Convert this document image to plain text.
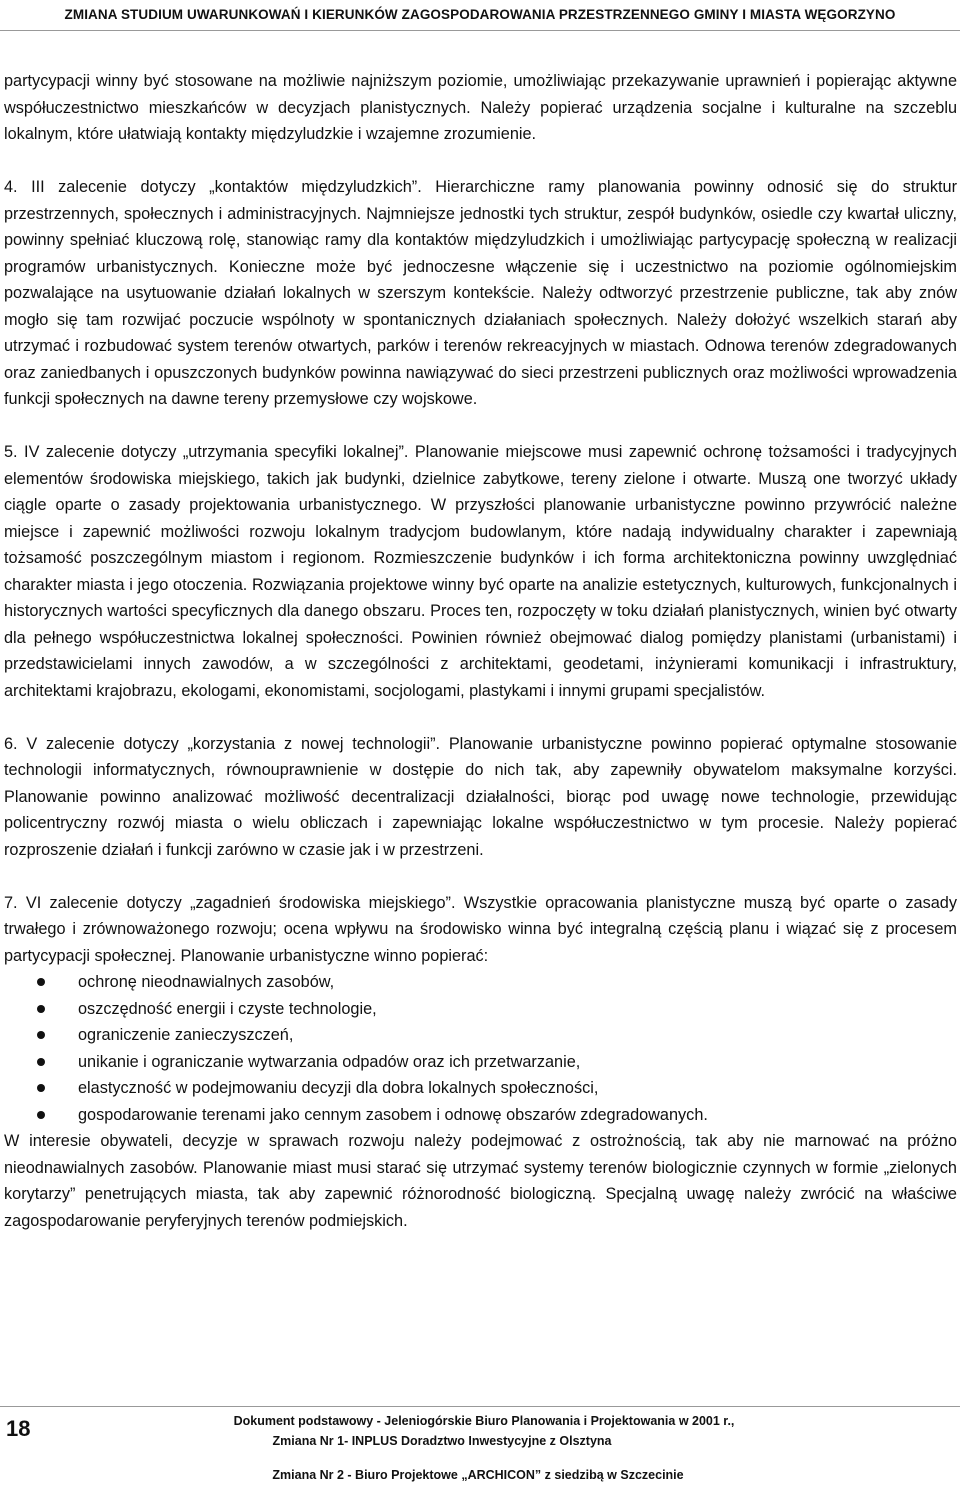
ZMIANA STUDIUM UWARUNKOWAŃ I KIERUNKÓW ZAGOSPODAROWANIA PRZESTRZENNEGO GMINY I MIASTA WĘGORZYNO

partycypacji winny być stosowane na możliwie najniższym poziomie, umożliwiając przekazywanie uprawnień i popierając aktywne współuczestnictwo mieszkańców w decyzjach planistycznych. Należy popierać urządzenia socjalne i kulturalne na szczeblu lokalnym, które ułatwiają kontakty międzyludzkie i wzajemne zrozumienie.

4. III zalecenie dotyczy „kontaktów międzyludzkich”. Hierarchiczne ramy planowania powinny odnosić się do struktur przestrzennych, społecznych i administracyjnych. Najmniejsze jednostki tych struktur, zespół budynków, osiedle czy kwartał uliczny, powinny spełniać kluczową rolę, stanowiąc ramy dla kontaktów międzyludzkich i umożliwiając partycypację społeczną w realizacji programów urbanistycznych. Konieczne może być jednoczesne włączenie się i uczestnictwo na poziomie ogólnomiejskim pozwalające na usytuowanie działań lokalnych w szerszym kontekście. Należy odtworzyć przestrzenie publiczne, tak aby znów mogło się tam rozwijać poczucie wspólnoty w spontanicznych działaniach społecznych. Należy dołożyć wszelkich starań aby utrzymać i rozbudować system terenów otwartych, parków i terenów rekreacyjnych w miastach. Odnowa terenów zdegradowanych oraz zaniedbanych i opuszczonych budynków powinna nawiązywać do sieci przestrzeni publicznych oraz możliwości wprowadzenia funkcji społecznych na dawne tereny przemysłowe czy wojskowe.

5. IV zalecenie dotyczy „utrzymania specyfiki lokalnej”. Planowanie miejscowe musi zapewnić ochronę tożsamości i tradycyjnych elementów środowiska miejskiego, takich jak budynki, dzielnice zabytkowe, tereny zielone i otwarte. Muszą one tworzyć układy ciągle oparte o zasady projektowania urbanistycznego. W przyszłości planowanie urbanistyczne powinno przywrócić należne miejsce i zapewnić możliwości rozwoju lokalnym tradycjom budowlanym, które nadają indywidualny charakter i zapewniają tożsamość poszczególnym miastom i regionom. Rozmieszczenie budynków i ich forma architektoniczna powinny uwzględniać charakter miasta i jego otoczenia. Rozwiązania projektowe winny być oparte na analizie estetycznych, kulturowych, funkcjonalnych i historycznych wartości specyficznych dla danego obszaru. Proces ten, rozpoczęty w toku działań planistycznych, winien być otwarty dla pełnego współuczestnictwa lokalnej społeczności. Powinien również obejmować dialog pomiędzy planistami (urbanistami) i przedstawicielami innych zawodów, a w szczególności z architektami, geodetami, inżynierami komunikacji i infrastruktury, architektami krajobrazu, ekologami, ekonomistami, socjologami, plastykami i innymi grupami specjalistów.

6. V zalecenie dotyczy „korzystania z nowej technologii”. Planowanie urbanistyczne powinno popierać optymalne stosowanie technologii informatycznych, równouprawnienie w dostępie do nich tak, aby zapewniły obywatelom maksymalne korzyści. Planowanie powinno analizować możliwość decentralizacji działalności, biorąc pod uwagę nowe technologie, przewidując policentryczny rozwój miasta o wielu obliczach i zapewniając lokalne współuczestnictwo w tym procesie. Należy popierać rozproszenie działań i funkcji zarówno w czasie jak i w przestrzeni.

7. VI zalecenie dotyczy „zagadnień środowiska miejskiego”. Wszystkie opracowania planistyczne muszą być oparte o zasady trwałego i zrównoważonego rozwoju; ocena wpływu na środowisko winna być integralną częścią planu i wiązać się z procesem partycypacji społecznej. Planowanie urbanistyczne winno popierać:

ochronę nieodnawialnych zasobów,
oszczędność energii i czyste technologie,
ograniczenie zanieczyszczeń,
unikanie i ograniczanie wytwarzania odpadów oraz ich przetwarzanie,
elastyczność w podejmowaniu decyzji dla dobra lokalnych społeczności,
gospodarowanie terenami jako cennym zasobem i odnowę obszarów zdegradowanych.

W interesie obywateli, decyzje w sprawach rozwoju należy podejmować z ostrożnością, tak aby nie marnować na próżno nieodnawialnych zasobów. Planowanie miast musi starać się utrzymać systemy terenów biologicznie czynnych w formie „zielonych korytarzy” penetrujących miasta, tak aby zapewnić różnorodność biologiczną. Specjalną uwagę należy zwrócić na właściwe zagospodarowanie peryferyjnych terenów podmiejskich.

18	Dokument podstawowy - Jeleniogórskie Biuro Planowania i Projektowania w 2001 r.,
Zmiana Nr 1- INPLUS Doradztwo Inwestycyjne z Olsztyna
Zmiana Nr 2 - Biuro Projektowe „ARCHICON” z siedzibą w Szczecinie
